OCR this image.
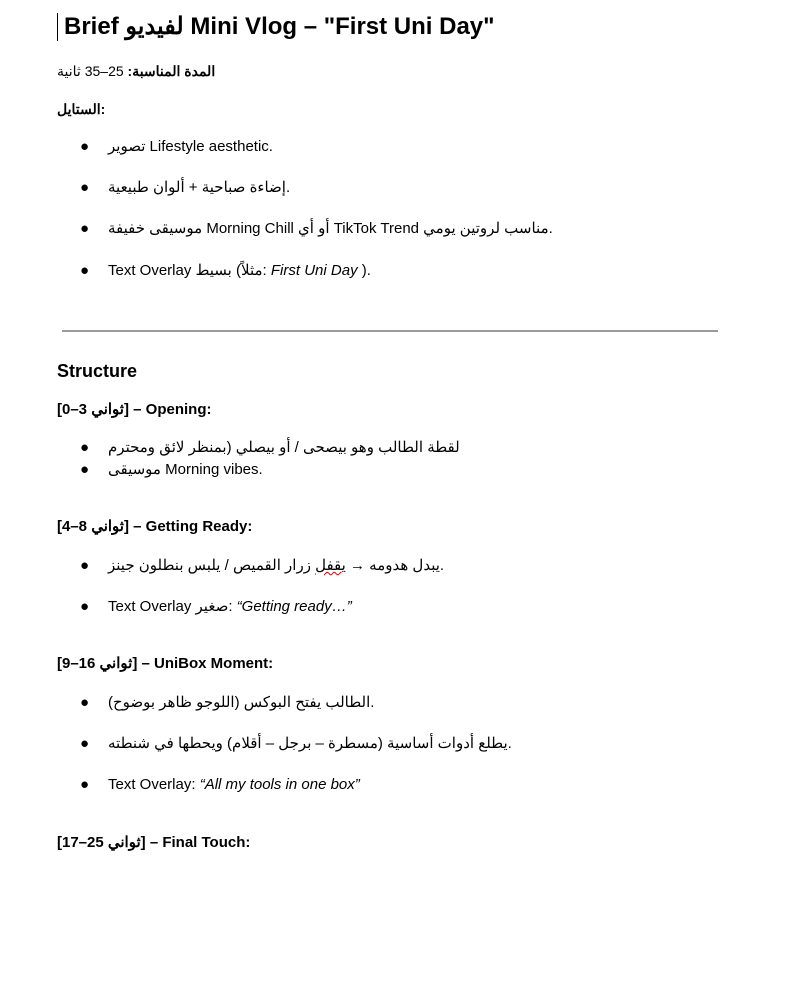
Brief لفيديو Mini Vlog – "First Uni Day"
المدة المناسبة: 25–35 ثانية
الستايل:
● تصوير Lifestyle aesthetic.
● إضاءة صباحية + ألوان طبيعية.
● موسيقى خفيفة Morning Chill أو أي TikTok Trend مناسب لروتين يومي.
● Text Overlay بسيط (مثلاً: First Uni Day ).
Structure
[0–3 ثواني] – Opening:
● لقطة الطالب وهو بيصحى / أو بيصلي (بمنظر لائق ومحترم
● موسيقى Morning vibes.
[4–8 ثواني] – Getting Ready:
●	يبدل هدومه → يقفل زرار القميص / يلبس بنطلون جينز.
● Text Overlay صغير: “Getting ready…”
[9–16 ثواني] – UniBox Moment:
● الطالب يفتح البوكس (اللوجو ظاهر بوضوح).
● يطلع أدوات أساسية (مسطرة – برجل – أقلام) ويحطها في شنطته.
● Text Overlay: “All my tools in one box”
[17–25 ثواني] – Final Touch:
